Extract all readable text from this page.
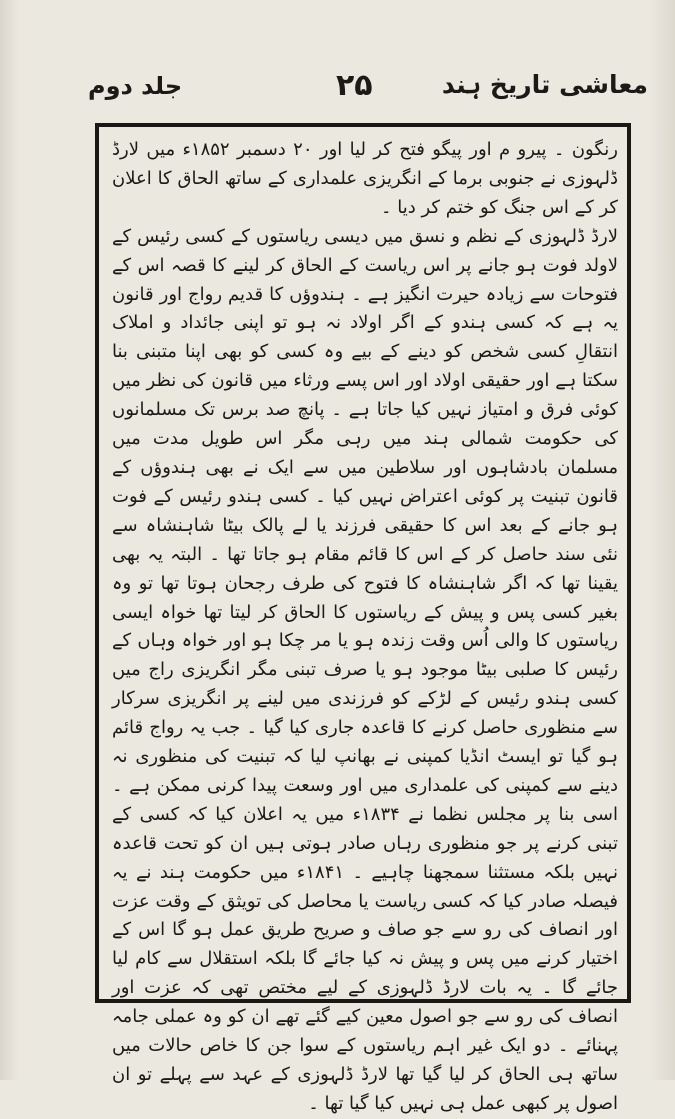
معاشی تاریخ ہند
۲۵
جلد دوم

رنگون ۔ پیرو م اور پیگو فتح کر لیا اور ۲۰ دسمبر ۱۸۵۲ء میں لارڈ ڈلہوزی نے جنوبی برما کے انگریزی علمداری کے ساتھ الحاق کا اعلان کر کے اس جنگ کو ختم کر دیا ۔

لارڈ ڈلہوزی کے نظم و نسق میں دیسی ریاستوں کے کسی رئیس کے لاولد فوت ہو جانے پر اس ریاست کے الحاق کر لینے کا قصہ اس کے فتوحات سے زیادہ حیرت انگیز ہے ۔ ہندوؤں کا قدیم رواج اور قانون یہ ہے کہ کسی ہندو کے اگر اولاد نہ ہو تو اپنی جائداد و املاک انتقالِ کسی شخص کو دینے کے بیے وہ کسی کو بھی اپنا متبنی بنا سکتا ہے اور حقیقی اولاد اور اس پسے ورثاء میں قانون کی نظر میں کوئی فرق و امتیاز نہیں کیا جاتا ہے ۔ پانچ صد برس تک مسلمانوں کی حکومت شمالی ہند میں رہی مگر اس طویل مدت میں مسلمان بادشاہوں اور سلاطین میں سے ایک نے بھی ہندوؤں کے قانون تبنیت پر کوئی اعتراض نہیں کیا ۔ کسی ہندو رئیس کے فوت ہو جانے کے بعد اس کا حقیقی فرزند یا لے پالک بیٹا شاہنشاہ سے نئی سند حاصل کر کے اس کا قائم مقام ہو جاتا تھا ۔ البتہ یہ بھی یقینا تھا کہ اگر شاہنشاہ کا فتوح کی طرف رجحان ہوتا تھا تو وہ بغیر کسی پس و پیش کے ریاستوں کا الحاق کر لیتا تھا خواہ ایسی ریاستوں کا والی اُس وقت زندہ ہو یا مر چکا ہو اور خواہ وہاں کے رئیس کا صلبی بیٹا موجود ہو یا صرف تبنی مگر انگریزی راج میں کسی ہندو رئیس کے لڑکے کو فرزندی میں لینے پر انگریزی سرکار سے منظوری حاصل کرنے کا قاعدہ جاری کیا گیا ۔ جب یہ رواج قائم ہو گیا تو ایسٹ انڈیا کمپنی نے بھانپ لیا کہ تبنیت کی منظوری نہ دینے سے کمپنی کی علمداری میں اور وسعت پیدا کرنی ممکن ہے ۔ اسی بنا پر مجلس نظما نے ۱۸۳۴ء میں یہ اعلان کیا کہ کسی کے تبنی کرنے پر جو منظوری رہاں صادر ہوتی ہیں ان کو تحت قاعدہ نہیں بلکہ مستثنا سمجھنا چاہیے ۔ ۱۸۴۱ء میں حکومت ہند نے یہ فیصلہ صادر کیا کہ کسی ریاست یا محاصل کی تویثق کے وقت عزت اور انصاف کی رو سے جو صاف و صریح طریق عمل ہو گا اس کے اختیار کرنے میں پس و پیش نہ کیا جائے گا بلکہ استقلال سے کام لیا جائے گا ۔ یہ بات لارڈ ڈلہوزی کے لیے مختص تھی کہ عزت اور انصاف کی رو سے جو اصول معین کیے گئے تھے ان کو وہ عملی جامہ پہنائے ۔ دو ایک غیر اہم ریاستوں کے سوا جن کا خاص حالات میں ساتھ ہی الحاق کر لیا گیا تھا لارڈ ڈلہوزی کے عہد سے پہلے تو ان اصول پر کبھی عمل ہی نہیں کیا گیا تھا ۔
